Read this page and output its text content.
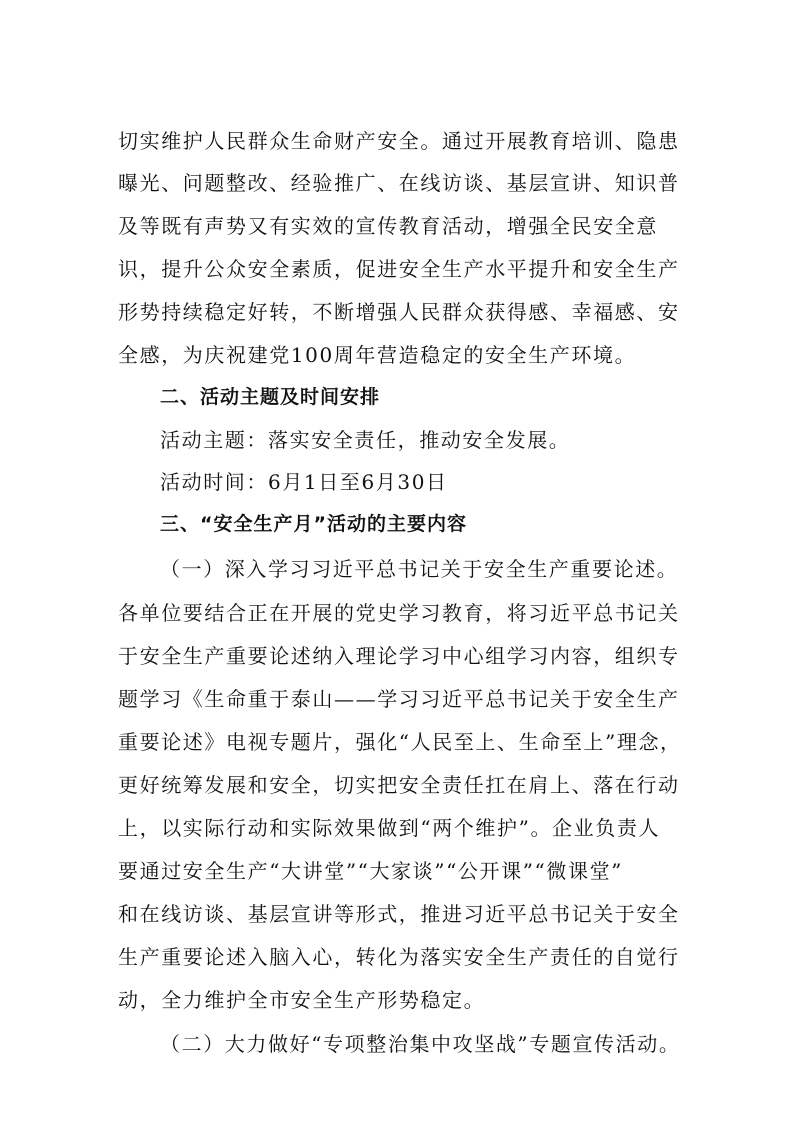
切实维护人民群众生命财产安全。通过开展教育培训、隐患
曝光、问题整改、经验推广、在线访谈、基层宣讲、知识普
及等既有声势又有实效的宣传教育活动，增强全民安全意
识，提升公众安全素质，促进安全生产水平提升和安全生产
形势持续稳定好转，不断增强人民群众获得感、幸福感、安
全感，为庆祝建党100周年营造稳定的安全生产环境。
二、活动主题及时间安排
活动主题：落实安全责任，推动安全发展。
活动时间：6月1日至6月30日
三、“安全生产月”活动的主要内容
（一）深入学习习近平总书记关于安全生产重要论述。
各单位要结合正在开展的党史学习教育，将习近平总书记关
于安全生产重要论述纳入理论学习中心组学习内容，组织专
题学习《生命重于泰山——学习习近平总书记关于安全生产
重要论述》电视专题片，强化“人民至上、生命至上”理念，
更好统筹发展和安全，切实把安全责任扛在肩上、落在行动
上，以实际行动和实际效果做到“两个维护”。企业负责人
要通过安全生产“大讲堂”“大家谈”“公开课”“微课堂”
和在线访谈、基层宣讲等形式，推进习近平总书记关于安全
生产重要论述入脑入心，转化为落实安全生产责任的自觉行
动，全力维护全市安全生产形势稳定。
（二）大力做好“专项整治集中攻坚战”专题宣传活动。
